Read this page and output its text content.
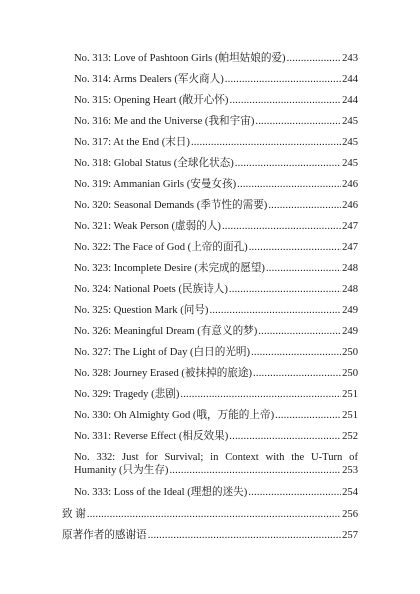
No. 313: Love of Pashtoon Girls (帕坦姑娘的爱) .....	243
No. 314: Arms Dealers (军火商人) .....	244
No. 315: Opening Heart (敞开心怀) .....	244
No. 316: Me and the Universe (我和宇宙) .....	245
No. 317: At the End (末日) .....	245
No. 318: Global Status (全球化状态) .....	245
No. 319: Ammanian Girls (安曼女孩) .....	246
No. 320: Seasonal Demands (季节性的需要) .....	246
No. 321: Weak Person (虚弱的人) .....	247
No. 322: The Face of God (上帝的面孔) .....	247
No. 323: Incomplete Desire (未完成的愿望) .....	248
No. 324: National Poets (民族诗人) .....	248
No. 325: Question Mark (问号) .....	249
No. 326: Meaningful Dream (有意义的梦) .....	249
No. 327: The Light of Day (白日的光明) .....	250
No. 328: Journey Erased (被抹掉的旅途) .....	250
No. 329: Tragedy (悲剧) .....	251
No. 330: Oh Almighty God (哦，万能的上帝) .....	251
No. 331: Reverse Effect (相反效果) .....	252
No. 332: Just for Survival; in Context with the U-Turn of
Humanity (只为生存) .....	253
No. 333: Loss of the Ideal (理想的迷失) .....	254
致 谢 .....	256
原著作者的感谢语 .....	257
